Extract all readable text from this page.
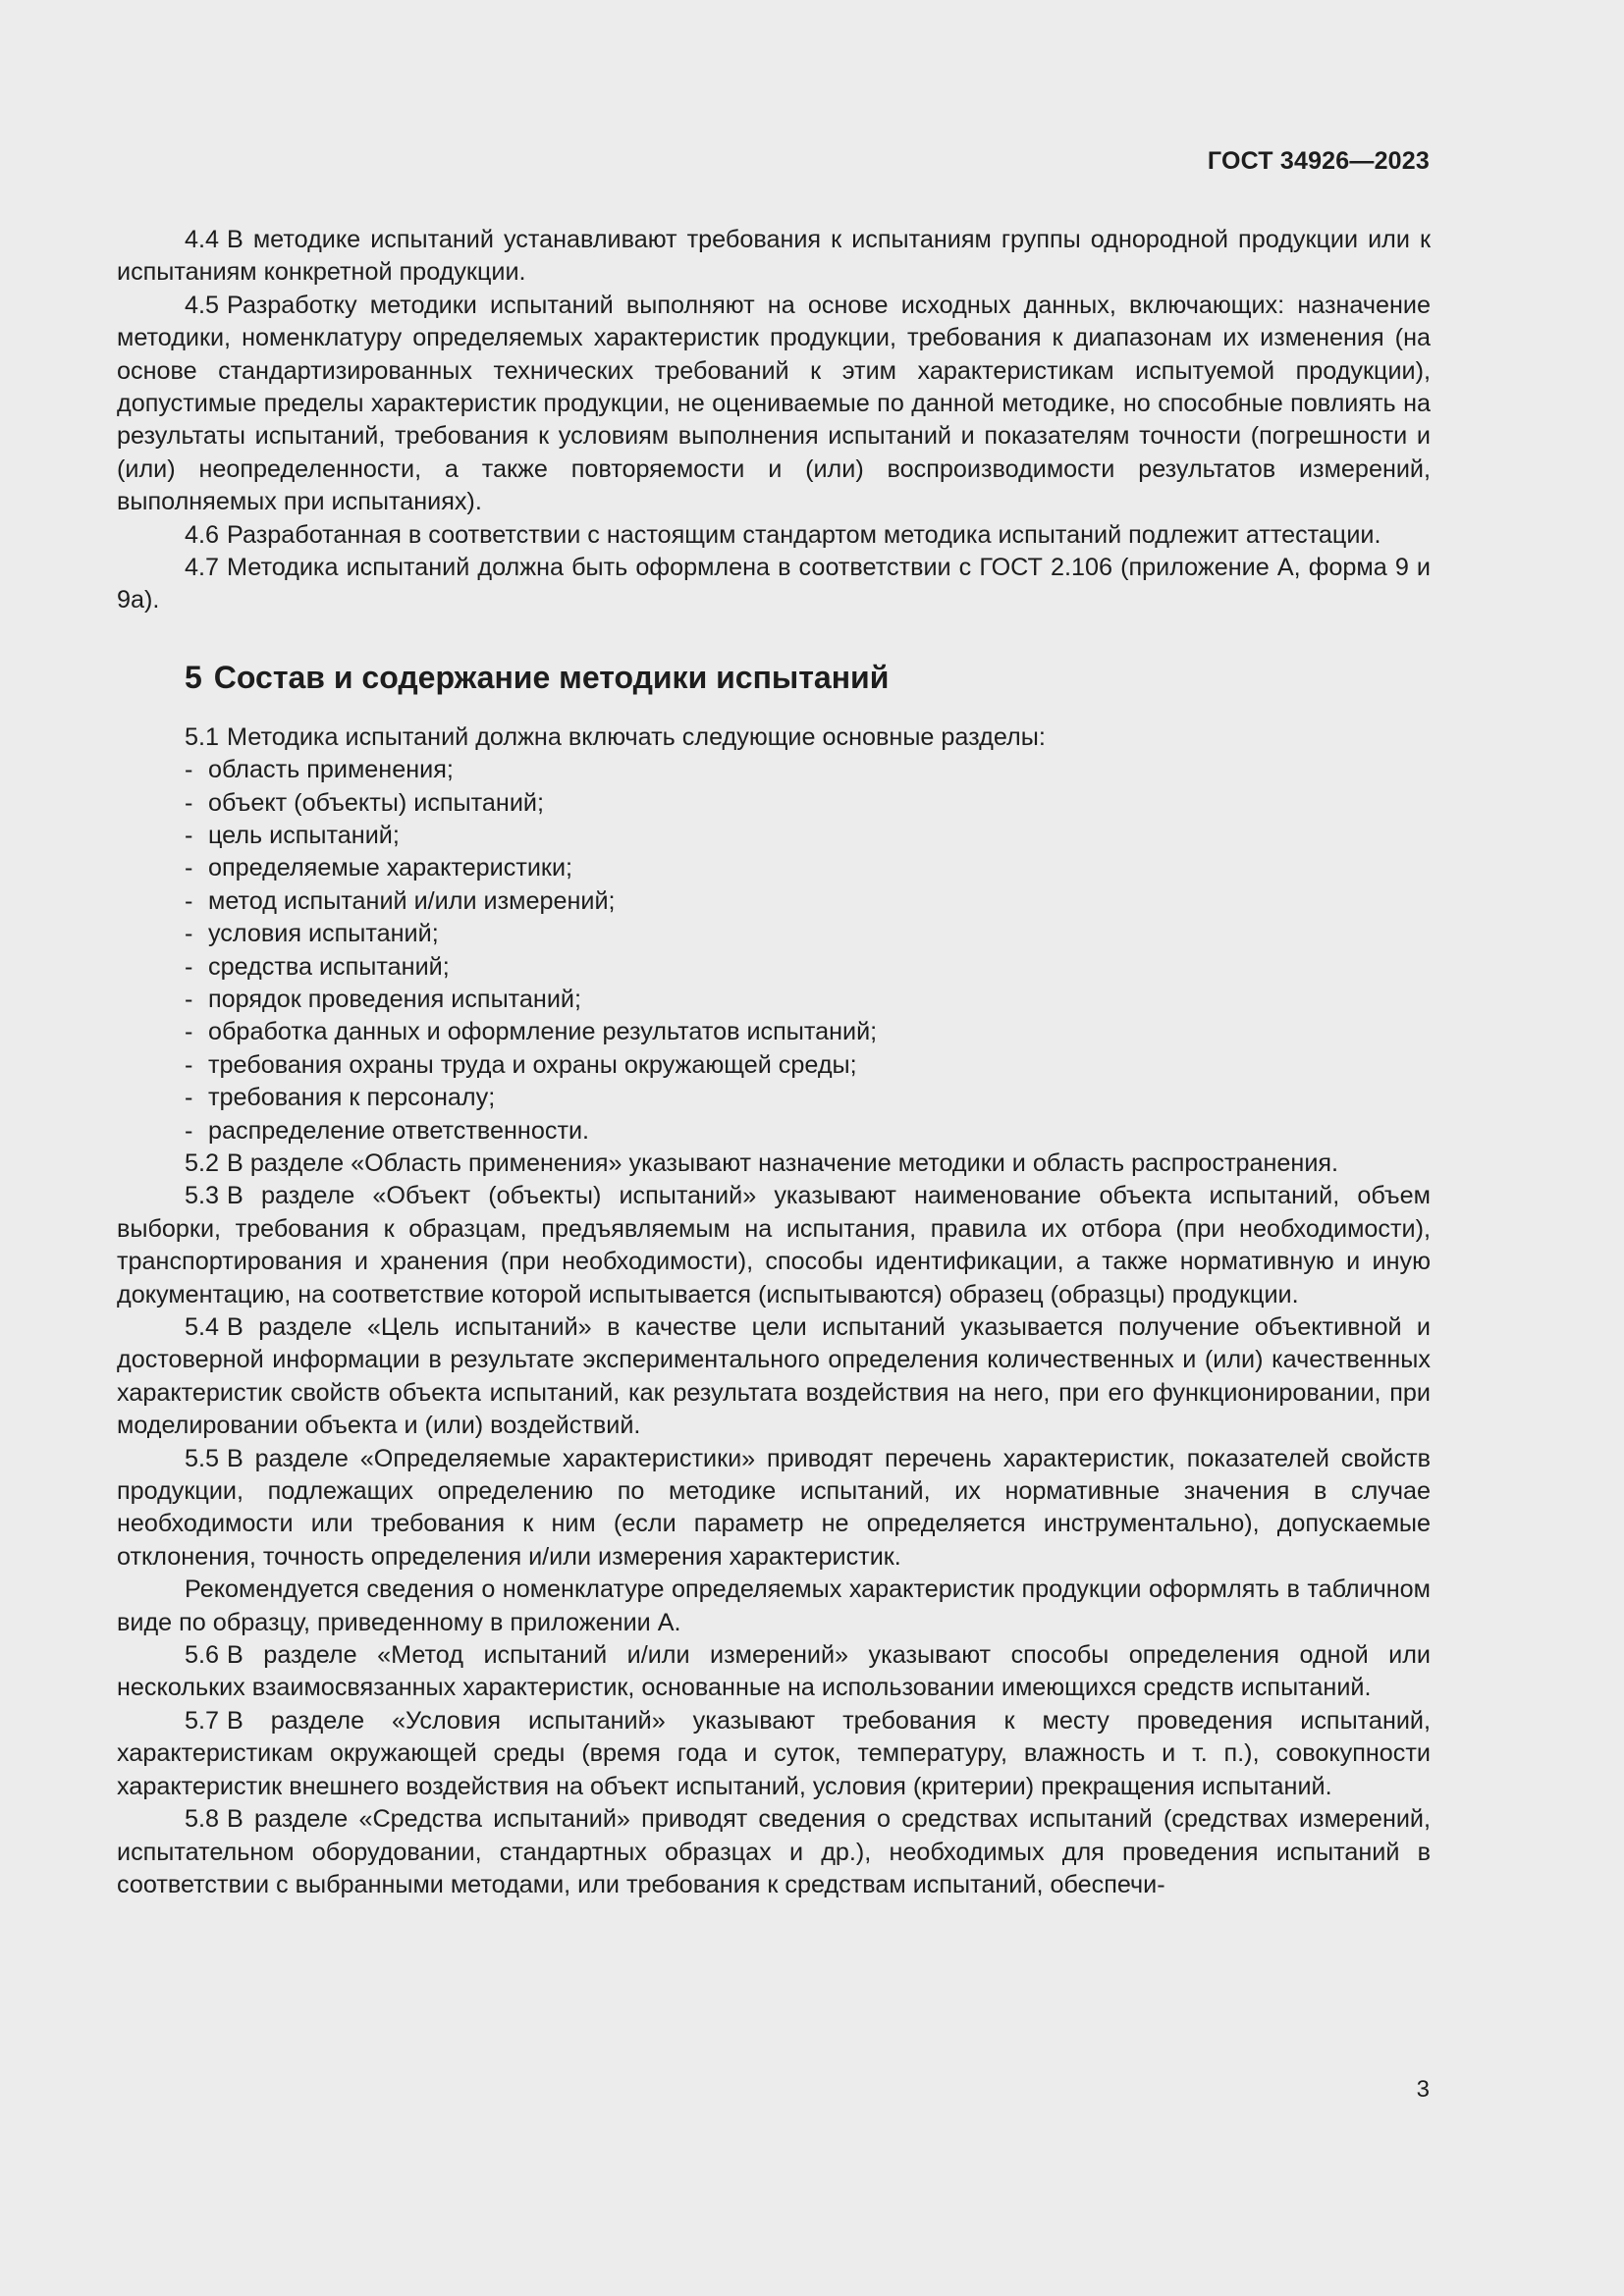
ГОСТ 34926—2023

4.4 В методике испытаний устанавливают требования к испытаниям группы однородной продукции или к испытаниям конкретной продукции.

4.5 Разработку методики испытаний выполняют на основе исходных данных, включающих: назначение методики, номенклатуру определяемых характеристик продукции, требования к диапазонам их изменения (на основе стандартизированных технических требований к этим характеристикам испытуемой продукции), допустимые пределы характеристик продукции, не оцениваемые по данной методике, но способные повлиять на результаты испытаний, требования к условиям выполнения испытаний и показателям точности (погрешности и (или) неопределенности, а также повторяемости и (или) воспроизводимости результатов измерений, выполняемых при испытаниях).

4.6 Разработанная в соответствии с настоящим стандартом методика испытаний подлежит аттестации.

4.7 Методика испытаний должна быть оформлена в соответствии с ГОСТ 2.106 (приложение А, форма 9 и 9а).

5 Состав и содержание методики испытаний

5.1 Методика испытаний должна включать следующие основные разделы:

- область применения;
- объект (объекты) испытаний;
- цель испытаний;
- определяемые характеристики;
- метод испытаний и/или измерений;
- условия испытаний;
- средства испытаний;
- порядок проведения испытаний;
- обработка данных и оформление результатов испытаний;
- требования охраны труда и охраны окружающей среды;
- требования к персоналу;
- распределение ответственности.

5.2 В разделе «Область применения» указывают назначение методики и область распространения.

5.3 В разделе «Объект (объекты) испытаний» указывают наименование объекта испытаний, объем выборки, требования к образцам, предъявляемым на испытания, правила их отбора (при необходимости), транспортирования и хранения (при необходимости), способы идентификации, а также нормативную и иную документацию, на соответствие которой испытывается (испытываются) образец (образцы) продукции.

5.4 В разделе «Цель испытаний» в качестве цели испытаний указывается получение объективной и достоверной информации в результате экспериментального определения количественных и (или) качественных характеристик свойств объекта испытаний, как результата воздействия на него, при его функционировании, при моделировании объекта и (или) воздействий.

5.5 В разделе «Определяемые характеристики» приводят перечень характеристик, показателей свойств продукции, подлежащих определению по методике испытаний, их нормативные значения в случае необходимости или требования к ним (если параметр не определяется инструментально), допускаемые отклонения, точность определения и/или измерения характеристик.

Рекомендуется сведения о номенклатуре определяемых характеристик продукции оформлять в табличном виде по образцу, приведенному в приложении А.

5.6 В разделе «Метод испытаний и/или измерений» указывают способы определения одной или нескольких взаимосвязанных характеристик, основанные на использовании имеющихся средств испытаний.

5.7 В разделе «Условия испытаний» указывают требования к месту проведения испытаний, характеристикам окружающей среды (время года и суток, температуру, влажность и т. п.), совокупности характеристик внешнего воздействия на объект испытаний, условия (критерии) прекращения испытаний.

5.8 В разделе «Средства испытаний» приводят сведения о средствах испытаний (средствах измерений, испытательном оборудовании, стандартных образцах и др.), необходимых для проведения испытаний в соответствии с выбранными методами, или требования к средствам испытаний, обеспечи-

3
